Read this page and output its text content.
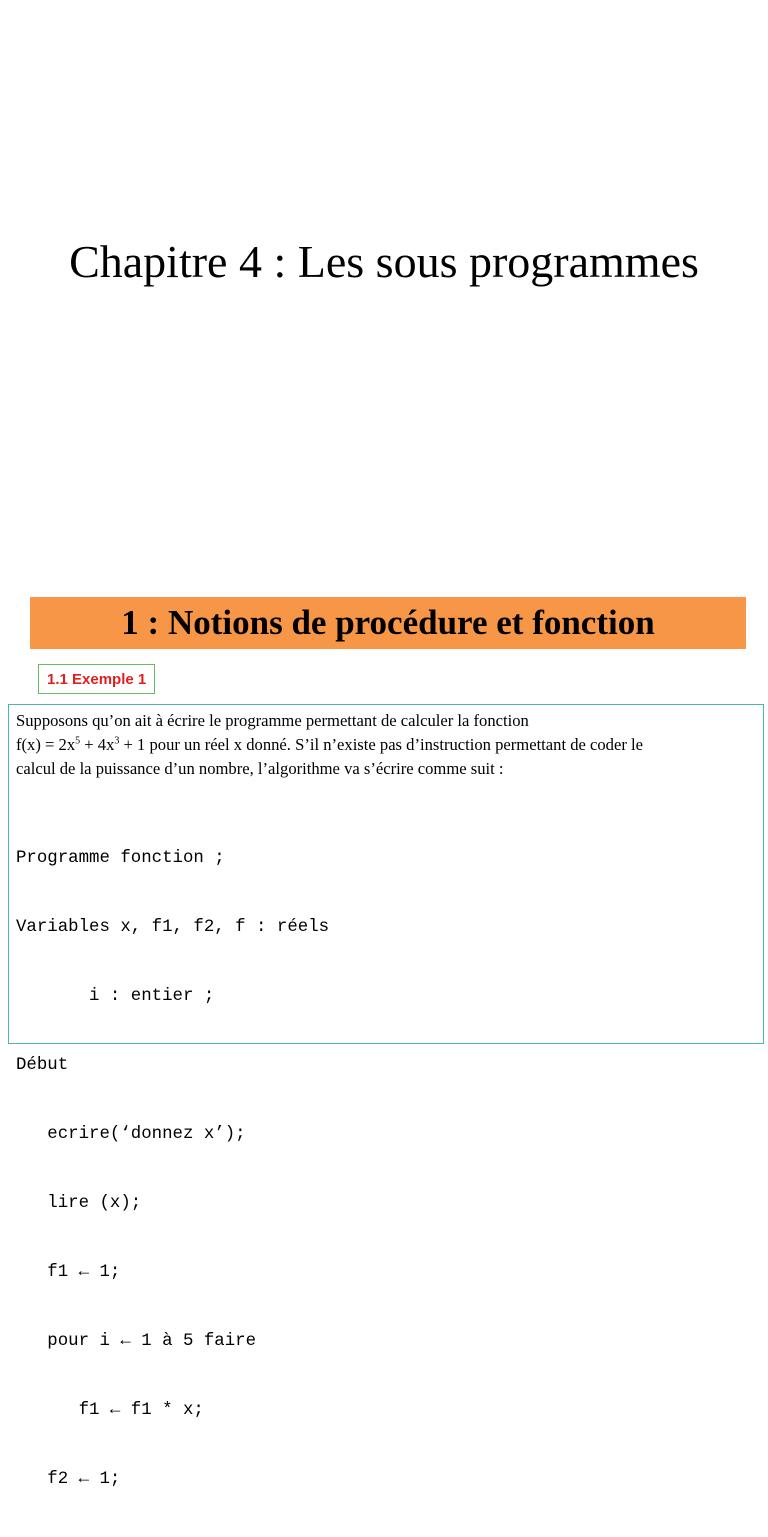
Chapitre 4 : Les sous programmes
1 : Notions de procédure et fonction
1.1 Exemple 1
Supposons qu’on ait à écrire le programme permettant de calculer la fonction
$f(x) = 2x^5 + 4x^3 + 1$ pour un réel x donné. S’il n’existe pas d’instruction permettant de coder le
calcul de la puissance d’un nombre, l’algorithme va s’écrire comme suit :

Programme fonction ;

Variables x, f1, f2, f : réels

i : entier ;

Début

ecrire(‘donnez x’);

lire (x);

f1 ← 1;

pour i ← 1 à 5 faire

f1 ← f1 * x;

f2 ← 1;
